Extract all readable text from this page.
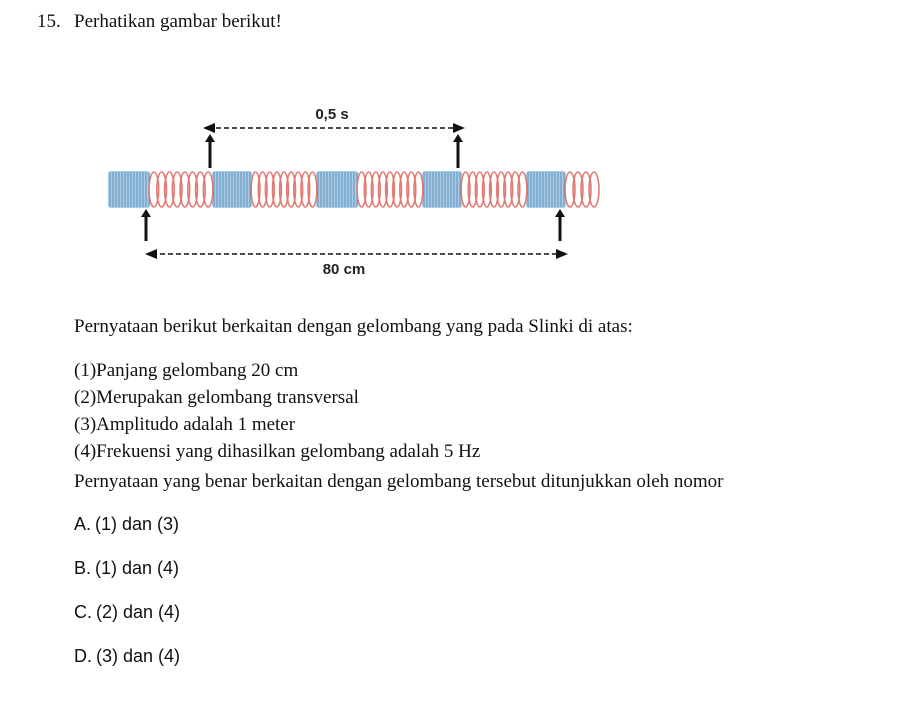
15. Perhatikan gambar berikut!
0,5 s
80 cm
Pernyataan berikut berkaitan dengan gelombang yang pada Slinki di atas:
(1)Panjang gelombang 20 cm
(2)Merupakan gelombang transversal
(3)Amplitudo adalah 1 meter
(4)Frekuensi yang dihasilkan gelombang adalah 5 Hz
Pernyataan yang benar berkaitan dengan gelombang tersebut ditunjukkan oleh nomor
A. (1) dan (3)
B. (1) dan (4)
C. (2) dan (4)
D. (3) dan (4)
